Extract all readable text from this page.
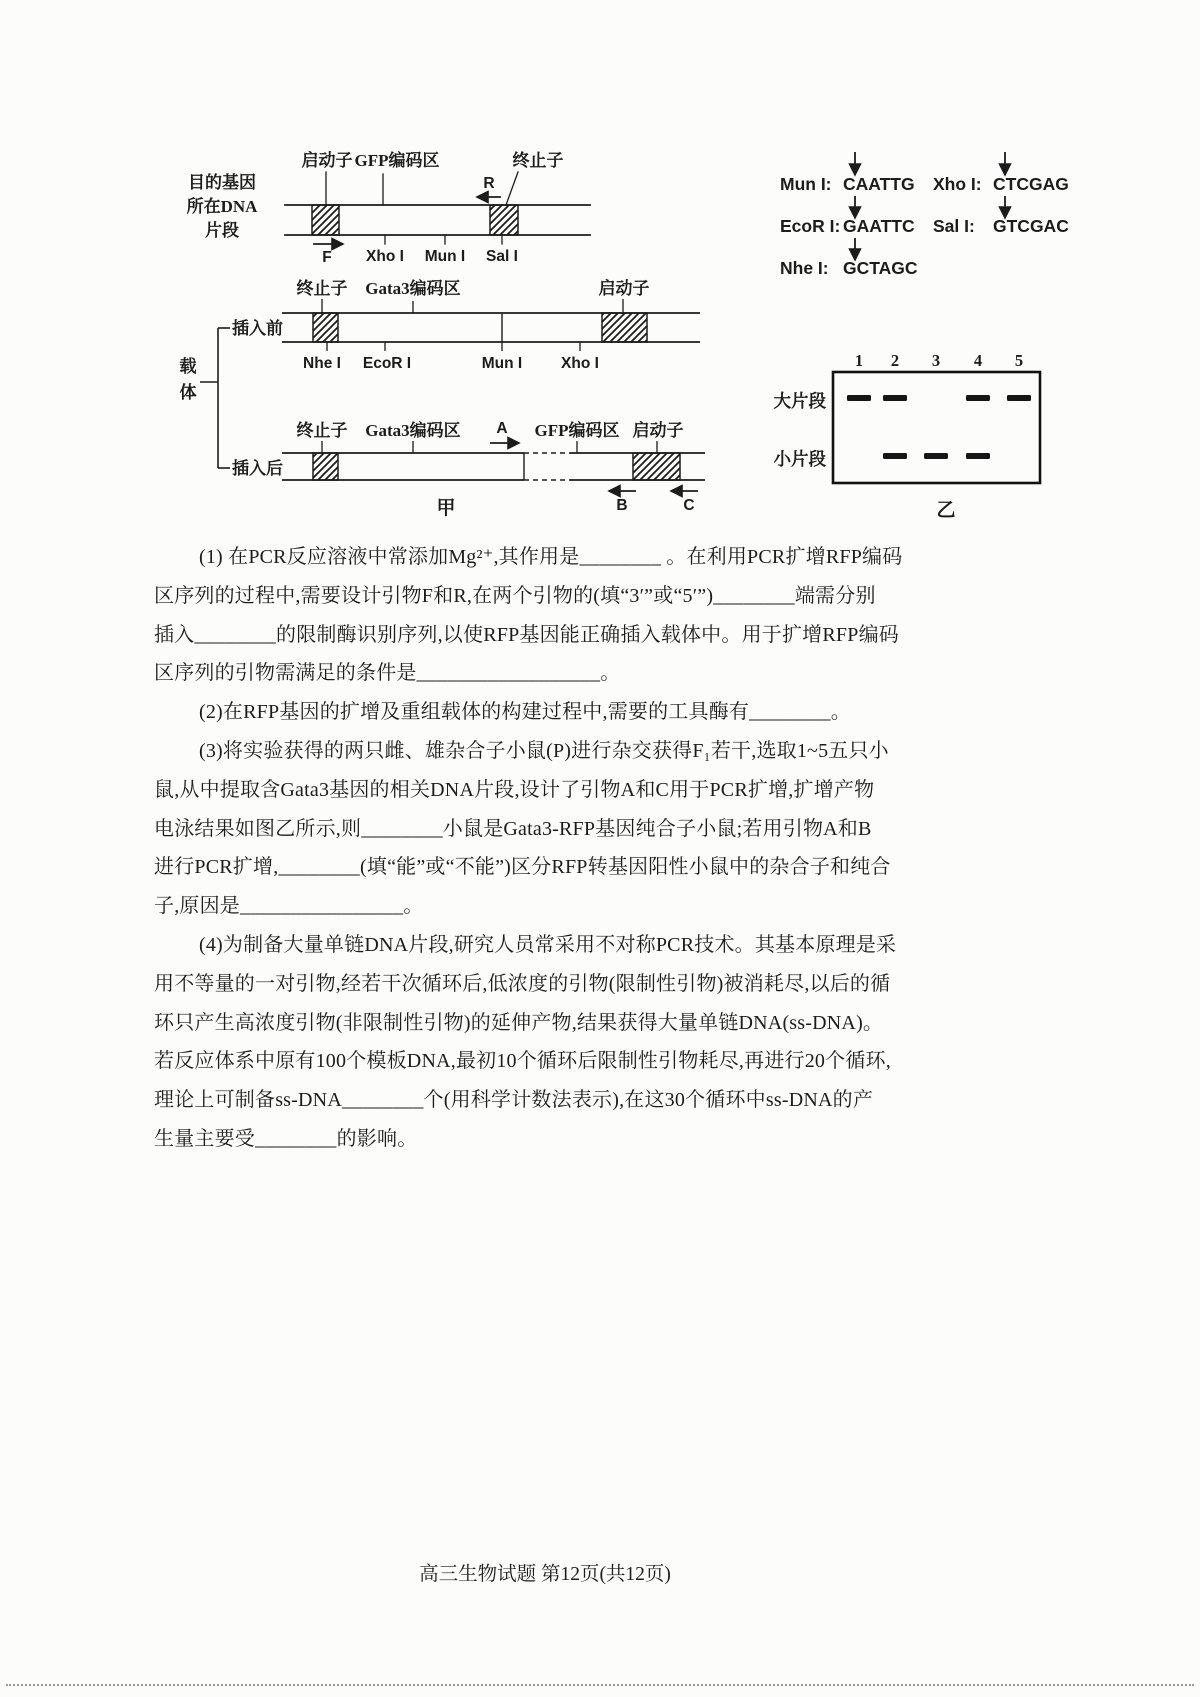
目的基因
所在DNA
片段
启动子 GFP编码区
R
终止子
F Xho I Mun I Sal I
载
体
插入前
终止子 Gata3编码区	启动子
Nhe I EcoR I	Mun I	Xho I
插入后
终止子 Gata3编码区 A GFP编码区 启动子
B	C
甲
Mun I: CAATTG
EcoR I: GAATTC
Nhe I: GCTAGC
Xho I: CTCGAG
Sal I: GTCGAC
1 2 3 4 5
大片段
小片段
乙
(1) 在PCR反应溶液中常添加Mg²⁺,其作用是________ 。在利用PCR扩增RFP编码
区序列的过程中,需要设计引物F和R,在两个引物的(填“3′”或“5′”)________端需分别
插入________的限制酶识别序列,以使RFP基因能正确插入载体中。用于扩增RFP编码
区序列的引物需满足的条件是__________________。
(2)在RFP基因的扩增及重组载体的构建过程中,需要的工具酶有________。
(3)将实验获得的两只雌、雄杂合子小鼠(P)进行杂交获得F₁若干,选取1~5五只小
鼠,从中提取含Gata3基因的相关DNA片段,设计了引物A和C用于PCR扩增,扩增产物
电泳结果如图乙所示,则________小鼠是Gata3-RFP基因纯合子小鼠;若用引物A和B
进行PCR扩增,________(填“能”或“不能”)区分RFP转基因阳性小鼠中的杂合子和纯合
子,原因是________________。
(4)为制备大量单链DNA片段,研究人员常采用不对称PCR技术。其基本原理是采
用不等量的一对引物,经若干次循环后,低浓度的引物(限制性引物)被消耗尽,以后的循
环只产生高浓度引物(非限制性引物)的延伸产物,结果获得大量单链DNA(ss-DNA)。
若反应体系中原有100个模板DNA,最初10个循环后限制性引物耗尽,再进行20个循环,
理论上可制备ss-DNA________个(用科学计数法表示),在这30个循环中ss-DNA的产
生量主要受________的影响。
高三生物试题 第12页(共12页)
